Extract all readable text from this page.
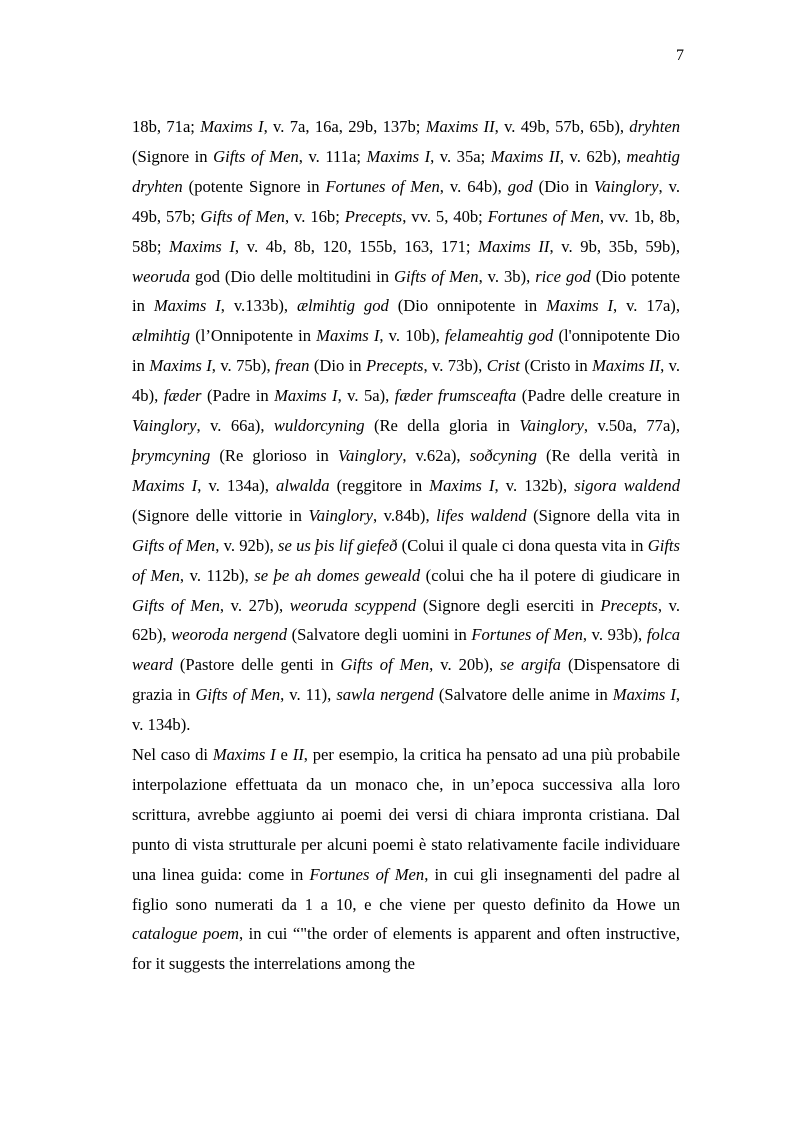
7

18b, 71a; Maxims I, v. 7a, 16a, 29b, 137b; Maxims II, v. 49b, 57b, 65b), dryhten (Signore in Gifts of Men, v. 111a; Maxims I, v. 35a; Maxims II, v. 62b), meahtig dryhten (potente Signore in Fortunes of Men, v. 64b), god (Dio in Vainglory, v. 49b, 57b; Gifts of Men, v. 16b; Precepts, vv. 5, 40b; Fortunes of Men, vv. 1b, 8b, 58b; Maxims I, v. 4b, 8b, 120, 155b, 163, 171; Maxims II, v. 9b, 35b, 59b), weoruda god (Dio delle moltitudini in Gifts of Men, v. 3b), rice god (Dio potente in Maxims I, v.133b), ælmihtig god (Dio onnipotente in Maxims I, v. 17a), ælmihtig (l’Onnipotente in Maxims I, v. 10b), felameahtig god (l'onnipotente Dio in Maxims I, v. 75b), frean (Dio in Precepts, v. 73b), Crist (Cristo in Maxims II, v. 4b), fæder (Padre in Maxims I, v. 5a), fæder frumsceafta (Padre delle creature in Vainglory, v. 66a), wuldorcyning (Re della gloria in Vainglory, v.50a, 77a), þrymcyning (Re glorioso in Vainglory, v.62a), soðcyning (Re della verità in Maxims I, v. 134a), alwalda (reggitore in Maxims I, v. 132b), sigora waldend (Signore delle vittorie in Vainglory, v.84b), lifes waldend (Signore della vita in Gifts of Men, v. 92b), se us þis lif giefeð (Colui il quale ci dona questa vita in Gifts of Men, v. 112b), se þe ah domes geweald (colui che ha il potere di giudicare in Gifts of Men, v. 27b), weoruda scyppend (Signore degli eserciti in Precepts, v. 62b), weoroda nergend (Salvatore degli uomini in Fortunes of Men, v. 93b), folca weard (Pastore delle genti in Gifts of Men, v. 20b), se argifa (Dispensatore di grazia in Gifts of Men, v. 11), sawla nergend (Salvatore delle anime in Maxims I, v. 134b).

Nel caso di Maxims I e II, per esempio, la critica ha pensato ad una più probabile interpolazione effettuata da un monaco che, in un’epoca successiva alla loro scrittura, avrebbe aggiunto ai poemi dei versi di chiara impronta cristiana. Dal punto di vista strutturale per alcuni poemi è stato relativamente facile individuare una linea guida: come in Fortunes of Men, in cui gli insegnamenti del padre al figlio sono numerati da 1 a 10, e che viene per questo definito da Howe un catalogue poem, in cui “"the order of elements is apparent and often instructive, for it suggests the interrelations among the
